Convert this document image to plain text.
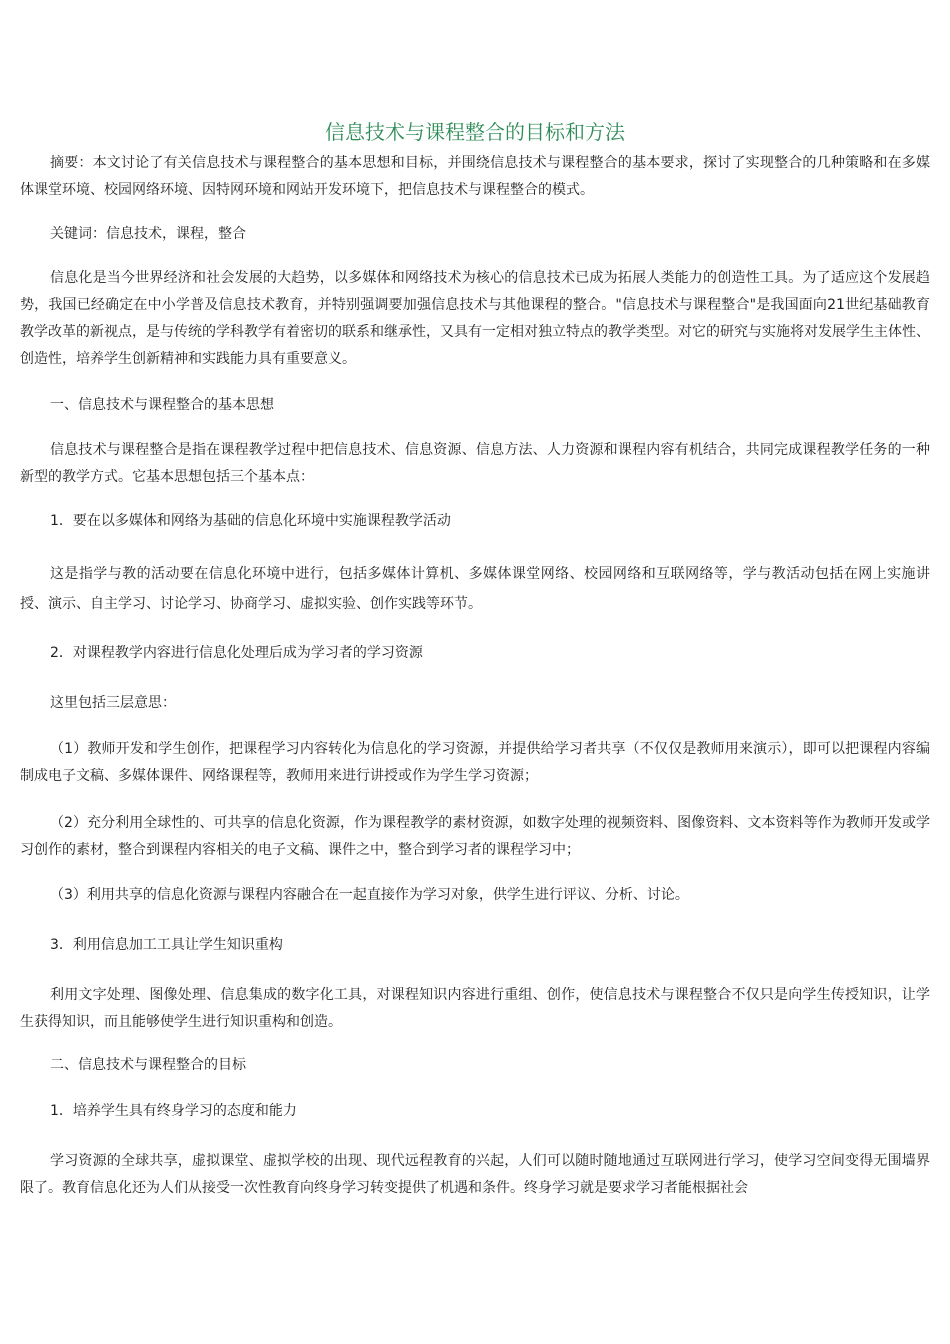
信息技术与课程整合的目标和方法

摘要：本文讨论了有关信息技术与课程整合的基本思想和目标，并围绕信息技术与课程整合的基本要求，探讨了实现整合的几种策略和在多媒体课堂环境、校园网络环境、因特网环境和网站开发环境下，把信息技术与课程整合的模式。

关键词：信息技术，课程，整合

信息化是当今世界经济和社会发展的大趋势，以多媒体和网络技术为核心的信息技术已成为拓展人类能力的创造性工具。为了适应这个发展趋势，我国已经确定在中小学普及信息技术教育，并特别强调要加强信息技术与其他课程的整合。"信息技术与课程整合"是我国面向21世纪基础教育教学改革的新视点，是与传统的学科教学有着密切的联系和继承性，又具有一定相对独立特点的教学类型。对它的研究与实施将对发展学生主体性、创造性，培养学生创新精神和实践能力具有重要意义。

一、信息技术与课程整合的基本思想

信息技术与课程整合是指在课程教学过程中把信息技术、信息资源、信息方法、人力资源和课程内容有机结合，共同完成课程教学任务的一种新型的教学方式。它基本思想包括三个基本点：

1．要在以多媒体和网络为基础的信息化环境中实施课程教学活动

这是指学与教的活动要在信息化环境中进行，包括多媒体计算机、多媒体课堂网络、校园网络和互联网络等，学与教活动包括在网上实施讲授、演示、自主学习、讨论学习、协商学习、虚拟实验、创作实践等环节。

2．对课程教学内容进行信息化处理后成为学习者的学习资源

这里包括三层意思：

（1）教师开发和学生创作，把课程学习内容转化为信息化的学习资源，并提供给学习者共享（不仅仅是教师用来演示），即可以把课程内容编制成电子文稿、多媒体课件、网络课程等，教师用来进行讲授或作为学生学习资源；

（2）充分利用全球性的、可共享的信息化资源，作为课程教学的素材资源，如数字处理的视频资料、图像资料、文本资料等作为教师开发或学习创作的素材，整合到课程内容相关的电子文稿、课件之中，整合到学习者的课程学习中；

（3）利用共享的信息化资源与课程内容融合在一起直接作为学习对象，供学生进行评议、分析、讨论。

3．利用信息加工工具让学生知识重构

利用文字处理、图像处理、信息集成的数字化工具，对课程知识内容进行重组、创作，使信息技术与课程整合不仅只是向学生传授知识，让学生获得知识，而且能够使学生进行知识重构和创造。

二、信息技术与课程整合的目标

1．培养学生具有终身学习的态度和能力

学习资源的全球共享，虚拟课堂、虚拟学校的出现、现代远程教育的兴起，人们可以随时随地通过互联网进行学习，使学习空间变得无围墙界限了。教育信息化还为人们从接受一次性教育向终身学习转变提供了机遇和条件。终身学习就是要求学习者能根据社会
